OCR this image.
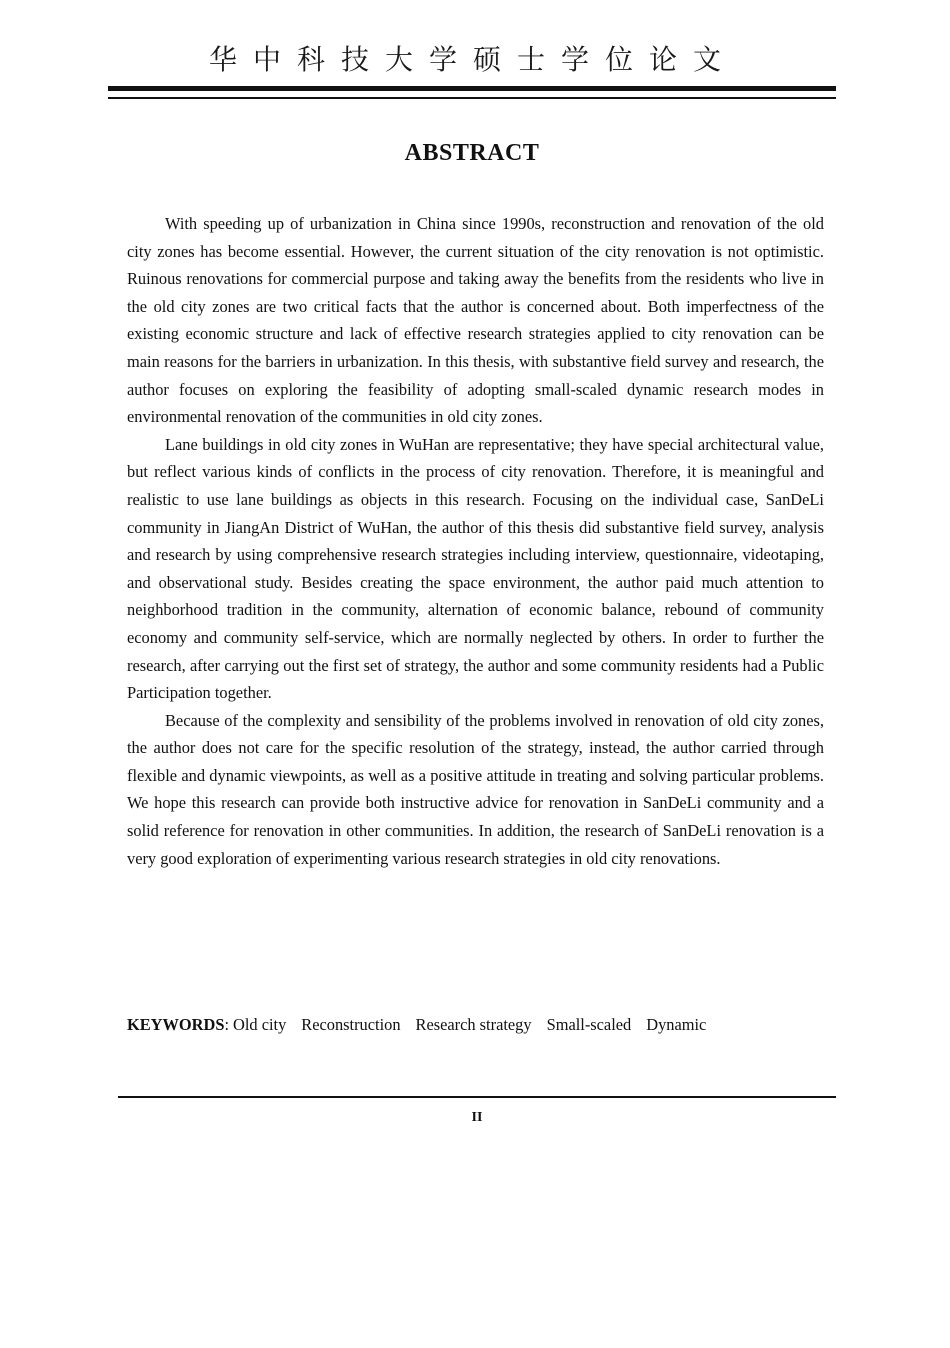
华中科技大学硕士学位论文
ABSTRACT

With speeding up of urbanization in China since 1990s, reconstruction and renovation of the old city zones has become essential. However, the current situation of the city renovation is not optimistic. Ruinous renovations for commercial purpose and taking away the benefits from the residents who live in the old city zones are two critical facts that the author is concerned about. Both imperfectness of the existing economic structure and lack of effective research strategies applied to city renovation can be main reasons for the barriers in urbanization. In this thesis, with substantive field survey and research, the author focuses on exploring the feasibility of adopting small-scaled dynamic research modes in environmental renovation of the communities in old city zones.

Lane buildings in old city zones in WuHan are representative; they have special architectural value, but reflect various kinds of conflicts in the process of city renovation. Therefore, it is meaningful and realistic to use lane buildings as objects in this research. Focusing on the individual case, SanDeLi community in JiangAn District of WuHan, the author of this thesis did substantive field survey, analysis and research by using comprehensive research strategies including interview, questionnaire, videotaping, and observational study. Besides creating the space environment, the author paid much attention to neighborhood tradition in the community, alternation of economic balance, rebound of community economy and community self-service, which are normally neglected by others. In order to further the research, after carrying out the first set of strategy, the author and some community residents had a Public Participation together.

Because of the complexity and sensibility of the problems involved in renovation of old city zones, the author does not care for the specific resolution of the strategy, instead, the author carried through flexible and dynamic viewpoints, as well as a positive attitude in treating and solving particular problems. We hope this research can provide both instructive advice for renovation in SanDeLi community and a solid reference for renovation in other communities. In addition, the research of SanDeLi renovation is a very good exploration of experimenting various research strategies in old city renovations.

KEYWORDS: Old city Reconstruction Research strategy Small-scaled Dynamic
II
